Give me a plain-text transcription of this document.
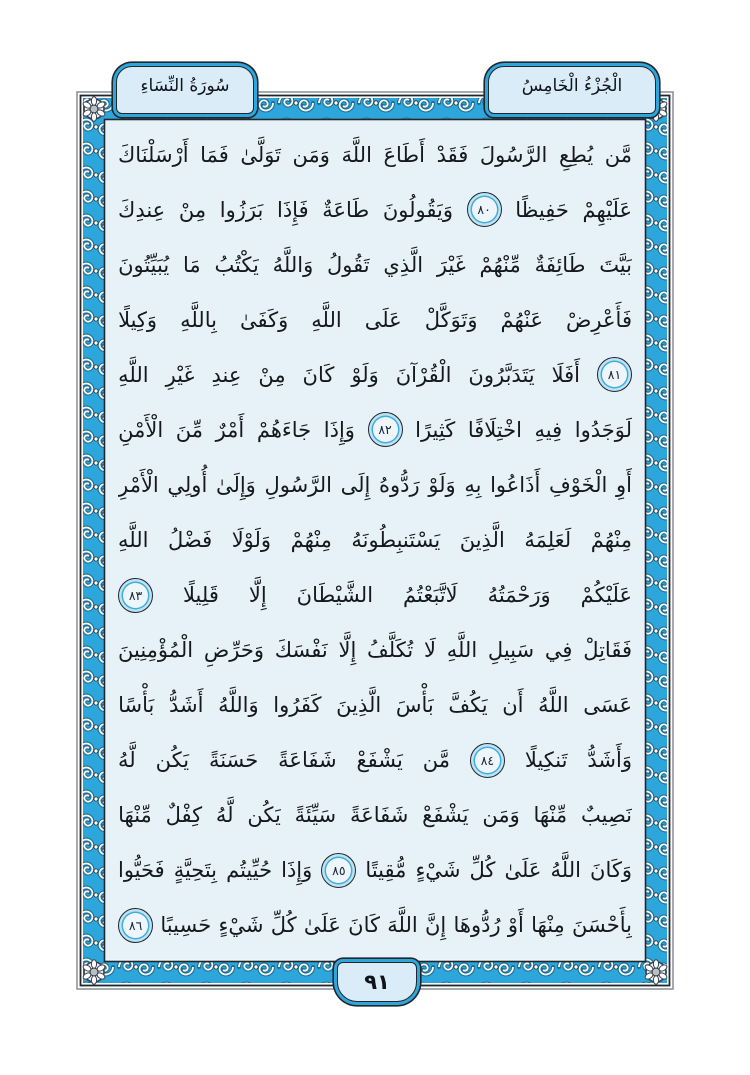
سُورَةُ النِّسَاءِ	الْجُزْءُ الْخَامِسُ
مَّن
يُطِعِ
الرَّسُولَ
فَقَدْ
أَطَاعَ
اللَّهَ
وَمَن
تَوَلَّىٰ
فَمَا
أَرْسَلْنَاكَ
عَلَيْهِمْ
حَفِيظًا
٨٠
وَيَقُولُونَ
طَاعَةٌ
فَإِذَا
بَرَزُوا
مِنْ
عِندِكَ
بَيَّتَ
طَائِفَةٌ
مِّنْهُمْ
غَيْرَ
الَّذِي
تَقُولُ
وَاللَّهُ
يَكْتُبُ
مَا
يُبَيِّتُونَ
فَأَعْرِضْ
عَنْهُمْ
وَتَوَكَّلْ
عَلَى
اللَّهِ
وَكَفَىٰ
بِاللَّهِ
وَكِيلًا
٨١
أَفَلَا
يَتَدَبَّرُونَ
الْقُرْآنَ
وَلَوْ
كَانَ
مِنْ
عِندِ
غَيْرِ
اللَّهِ
لَوَجَدُوا
فِيهِ
اخْتِلَافًا
كَثِيرًا
٨٢
وَإِذَا
جَاءَهُمْ
أَمْرٌ
مِّنَ
الْأَمْنِ
أَوِ
الْخَوْفِ
أَذَاعُوا
بِهِ
وَلَوْ
رَدُّوهُ
إِلَى
الرَّسُولِ
وَإِلَىٰ
أُولِي
الْأَمْرِ
مِنْهُمْ
لَعَلِمَهُ
الَّذِينَ
يَسْتَنبِطُونَهُ
مِنْهُمْ
وَلَوْلَا
فَضْلُ
اللَّهِ
عَلَيْكُمْ
وَرَحْمَتُهُ
لَاتَّبَعْتُمُ
الشَّيْطَانَ
إِلَّا
قَلِيلًا
٨٣
فَقَاتِلْ
فِي
سَبِيلِ
اللَّهِ
لَا
تُكَلَّفُ
إِلَّا
نَفْسَكَ
وَحَرِّضِ
الْمُؤْمِنِينَ
عَسَى
اللَّهُ
أَن
يَكُفَّ
بَأْسَ
الَّذِينَ
كَفَرُوا
وَاللَّهُ
أَشَدُّ
بَأْسًا
وَأَشَدُّ
تَنكِيلًا
٨٤
مَّن
يَشْفَعْ
شَفَاعَةً
حَسَنَةً
يَكُن
لَّهُ
نَصِيبٌ
مِّنْهَا
وَمَن
يَشْفَعْ
شَفَاعَةً
سَيِّئَةً
يَكُن
لَّهُ
كِفْلٌ
مِّنْهَا
وَكَانَ
اللَّهُ
عَلَىٰ
كُلِّ
شَيْءٍ
مُّقِيتًا
٨٥
وَإِذَا
حُيِّيتُم
بِتَحِيَّةٍ
فَحَيُّوا
بِأَحْسَنَ
مِنْهَا
أَوْ
رُدُّوهَا
إِنَّ
اللَّهَ
كَانَ
عَلَىٰ
كُلِّ
شَيْءٍ
حَسِيبًا
٨٦
٩١
